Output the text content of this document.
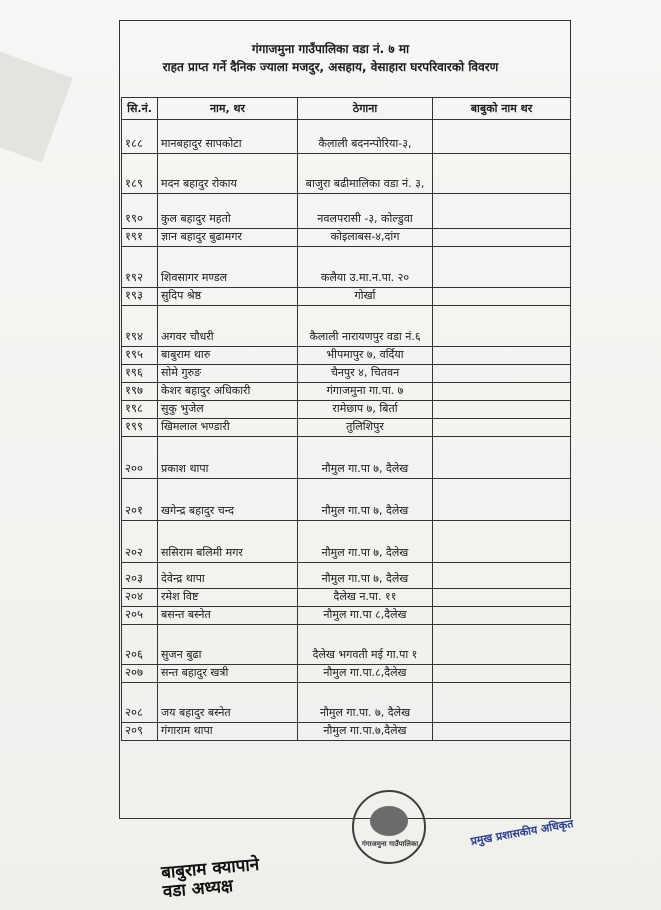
गंगाजमुना गाउँपालिका वडा नं. ७ मा
राहत प्राप्त गर्ने दैनिक ज्याला मजदुर, असहाय, वेसाहारा घरपरिवारको विवरण
सि.नं.	नाम, थर	ठेगाना	बाबुको नाम थर
१८८	मानबहादुर सापकोटा	कैलाली बदनन्पोरिया-३,	
१८९	मदन बहादुर रोकाय	बाजुरा बढीमालिका वडा नं. ३,	
१९०	कुल बहादुर महतो	नवलपरासी -३, कोल्डुवा	
१९१	ज्ञान बहादुर बुढामगर	कोइलाबस-४,दांग	
१९२	शिवसागर मण्डल	कलैया उ.मा.न.पा. २०	
१९३	सुदिप श्रेष्ठ	गोर्खा	
१९४	अगवर चौधरी	कैलाली नारायणपुर वडा नं.६	
१९५	बाबुराम थारु	भीपमापुर ७, वर्दिया	
१९६	सोमे गुरुङ	चैनपुर ४, चितवन	
१९७	केशर बहादुर अधिकारी	गंगाजमुना गा.पा. ७	
१९८	सुकु भुजेल	रामेछाप ७, बिर्ता	
१९९	खिमलाल भण्डारी	तुलिशिपुर	
२००	प्रकाश थापा	नौमुल गा.पा ७, दैलेख	
२०१	खगेन्द्र बहादुर चन्द	नौमुल गा.पा ७, दैलेख	
२०२	ससिराम बलिमी मगर	नौमुल गा.पा ७, दैलेख	
२०३	देवेन्द्र थापा	नौमुल गा.पा ७, दैलेख	
२०४	रमेश विष्ट	दैलेख न.पा. ११	
२०५	बसन्त बस्नेत	नौमुल गा.पा ८,दैलेख	
२०६	सुजन बुढा	दैलेख भगवती मई गा.पा १	
२०७	सन्त बहादुर खत्री	नौमुल गा.पा.८,दैलेख	
२०८	जय बहादुर बस्नेत	नौमुल गा.पा. ७, दैलेख	
२०९	गंगाराम थापा	नौमुल गा.पा.७,दैलेख	
गंगाजमुना गाउँपालिका
बाबुराम क्यापाने
वडा अध्यक्ष
प्रमुख प्रशासकीय अधिकृत
